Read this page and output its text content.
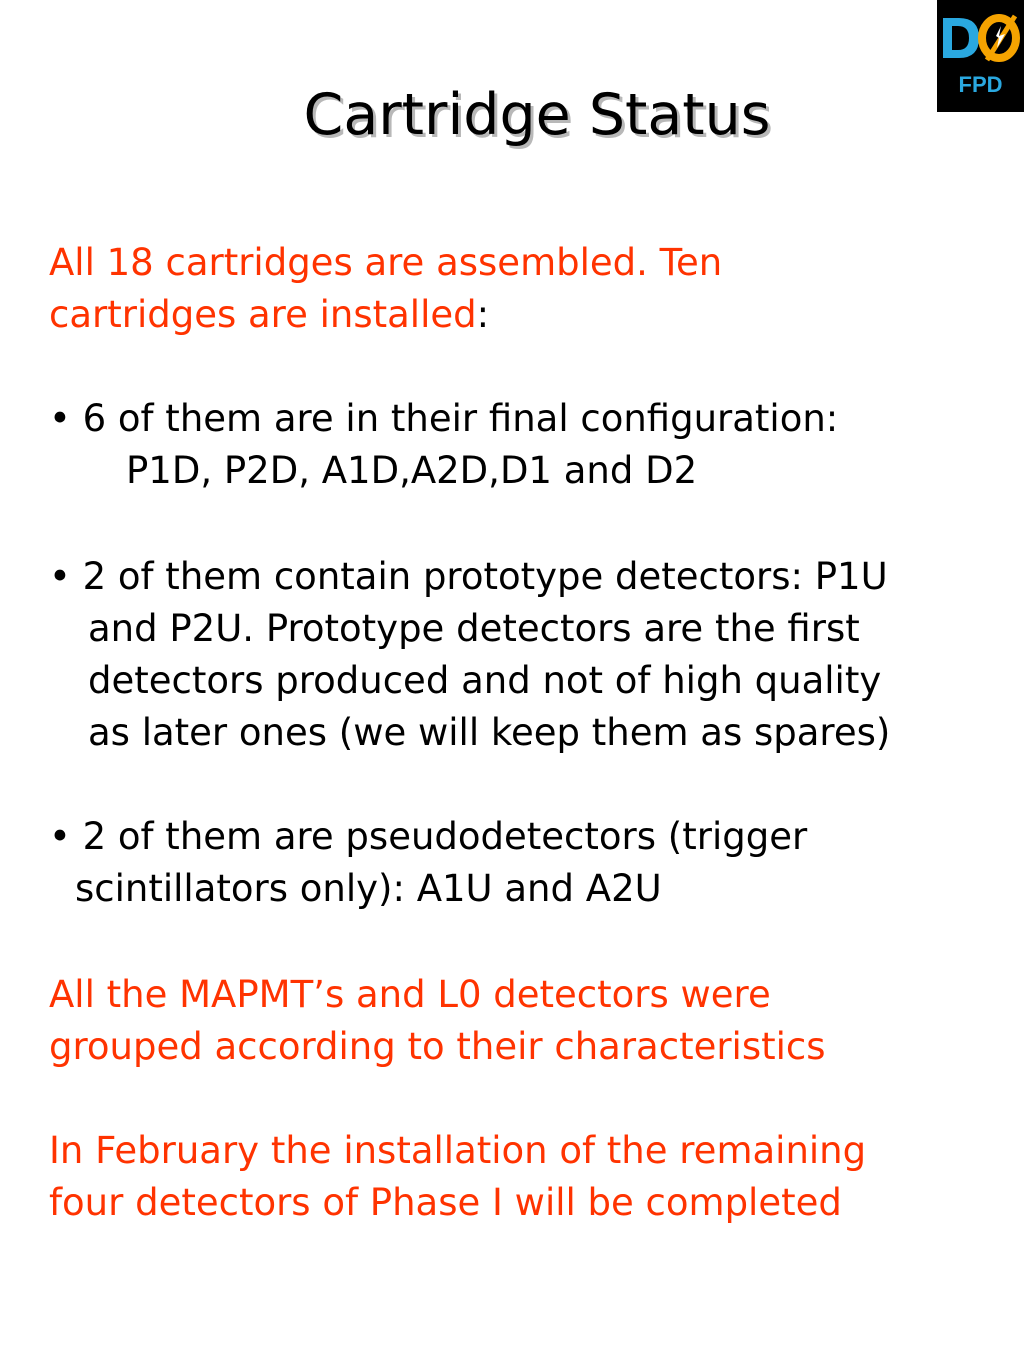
FPD
Cartridge Status

All 18 cartridges are assembled. Ten

cartridges are installed:

• 6 of them are in their final configuration:

P1D, P2D, A1D,A2D,D1 and D2

• 2 of them contain prototype detectors: P1U

and P2U. Prototype detectors are the first

detectors produced and not of high quality

as later ones (we will keep them as spares)

• 2 of them are pseudodetectors (trigger

scintillators only): A1U and A2U

All the MAPMT’s and L0 detectors were

grouped according to their characteristics

In February the installation of the remaining

four detectors of Phase I will be completed
